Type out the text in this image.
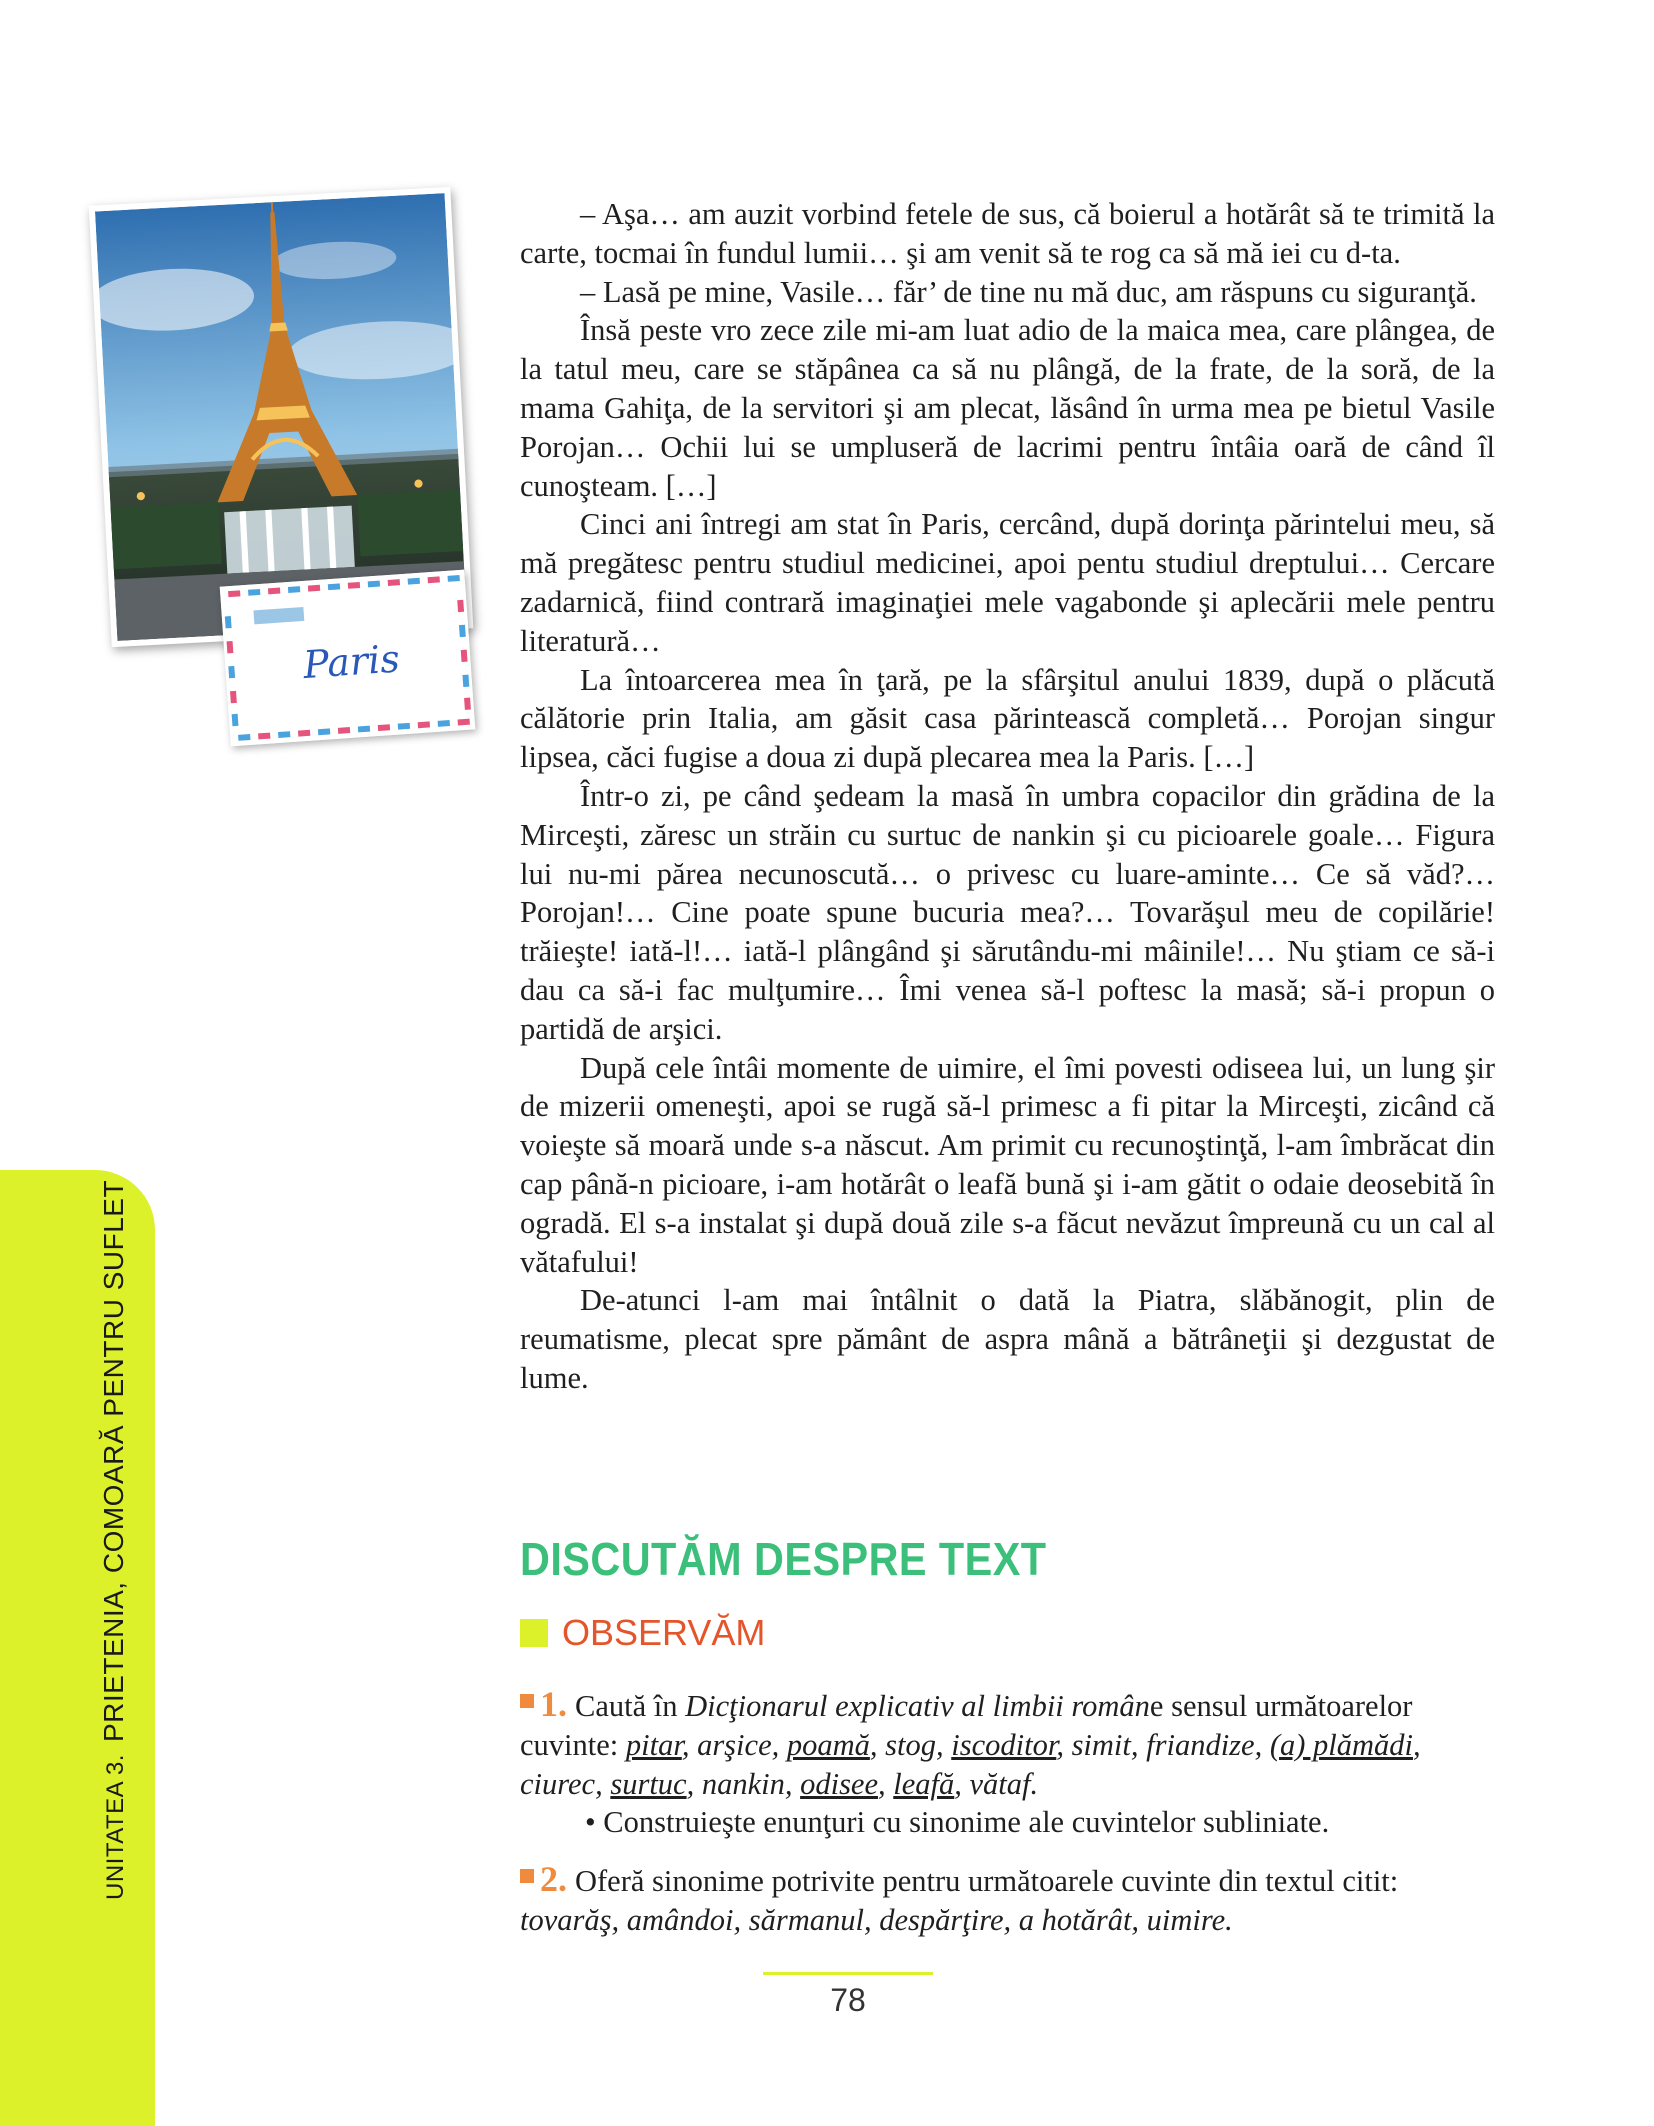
UNITATEA 3.PRIETENIA, COMOARĂ PENTRU SUFLET
Paris

– Aşa… am auzit vorbind fetele de sus, că boierul a hotărât să te trimită la carte, tocmai în fundul lumii… şi am venit să te rog ca să mă iei cu d-ta.

– Lasă pe mine, Vasile… făr’ de tine nu mă duc, am răspuns cu siguranţă.

Însă peste vro zece zile mi-am luat adio de la maica mea, care plângea, de la tatul meu, care se stăpânea ca să nu plângă, de la frate, de la soră, de la mama Gahiţa, de la servitori şi am plecat, lăsând în urma mea pe bietul Vasile Porojan… Ochii lui se umpluseră de lacrimi pentru întâia oară de când îl cunoşteam. […]

Cinci ani întregi am stat în Paris, cercând, după dorinţa părintelui meu, să mă pregătesc pentru studiul medicinei, apoi pentu studiul dreptului… Cercare zadarnică, fiind contrară imaginaţiei mele vagabonde şi aplecării mele pentru literatură…

La întoarcerea mea în ţară, pe la sfârşitul anului 1839, după o plăcută călătorie prin Italia, am găsit casa părintească completă… Porojan singur lipsea, căci fugise a doua zi după plecarea mea la Paris. […]

Într-o zi, pe când şedeam la masă în umbra copacilor din grădina de la Mirceşti, zăresc un străin cu surtuc de nankin şi cu picioarele goale… Figura lui nu-mi părea necunoscută… o privesc cu luare-aminte… Ce să văd?… Porojan!… Cine poate spune bucuria mea?… Tovarăşul meu de copilărie! trăieşte! iată-l!… iată-l plângând şi sărutându-mi mâinile!… Nu ştiam ce să-i dau ca să-i fac mulţumire… Îmi venea să-l poftesc la masă; să-i propun o partidă de arşici.

După cele întâi momente de uimire, el îmi povesti odiseea lui, un lung şir de mizerii omeneşti, apoi se rugă să-l primesc a fi pitar la Mirceşti, zicând că voieşte să moară unde s-a născut. Am primit cu recunoştinţă, l-am îmbrăcat din cap până-n picioare, i-am hotărât o leafă bună şi i-am gătit o odaie deosebită în ogradă. El s-a instalat şi după două zile s-a făcut nevăzut împreună cu un cal al vătafului!

De-atunci l-am mai întâlnit o dată la Piatra, slăbănogit, plin de reumatisme, plecat spre pământ de aspra mână a bătrâneţii şi dezgustat de lume.

DISCUTĂM DESPRE TEXT
OBSERVĂM
1. Caută în Dicţionarul explicativ al limbii române sensul următoarelor cuvinte: pitar, arşice, poamă, stog, iscoditor, simit, friandize, (a) plămădi, ciurec, surtuc, nankin, odisee, leafă, vătaf.
• Construieşte enunţuri cu sinonime ale cuvintelor subliniate.
2. Oferă sinonime potrivite pentru următoarele cuvinte din textul citit:
tovarăş, amândoi, sărmanul, despărţire, a hotărât, uimire.
78
